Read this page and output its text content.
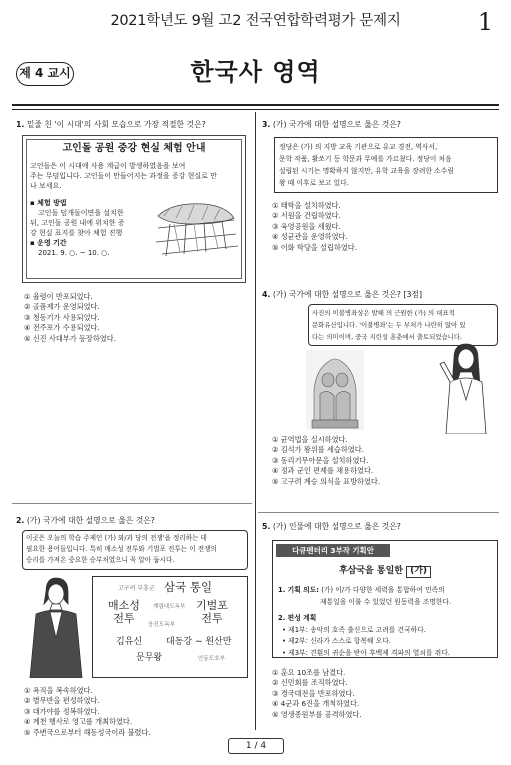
2021학년도 9월 고2 전국연합학력평가 문제지	1
제 4 교시	한국사 영역
1. 밑줄 친 '이 시대'의 사회 모습으로 가장 적절한 것은?
고인돌 공원 중강 현실 체험 안내
고인돌은 이 시대에 사용 계급이 발생하였음을 보여
주는 무덤입니다. 고인돌이 만들어지는 과정을 증강 현실로 만
나 보세요.
▪ 체험 방법
고인돌 덮개돌이면을 설치한
뒤, 고인돌 공원 내에 위치한 증
강 현실 표지를 찾아 체험 진행
▪ 운영 기간
2021. 9. ○. ~ 10. ○.
① 율령이 반포되었다.
② 골품제가 운영되었다.
③ 청동기가 사용되었다.
④ 전주포가 수용되었다.
⑤ 신진 사대부가 등장하였다.
2. (가) 국가에 대한 설명으로 옳은 것은?
이곳은 오늘의 학습 주제인 (가) 와/과 당의 전쟁'을 정리하는 데
필요한 용어들입니다. 특히 매소성 전투와 기벌포 전투는 이 전쟁의
승리를 가져온 중요한 승부처였으니 꼭 알아 둡시다.
고구려 부흥군 삼국 통일
매소성
전투
계림대도독부 기벌포
전투
웅진도독부
김유신	대동강 ~ 원산만
문무왕	안동도호부
① 욕직을 복속하였다.
② 별무반을 편성하였다.
③ 대가야를 정복하였다.
④ 계천 행사로 영고를 개최하였다.
⑤ 주변국으로부터 해동성국이라 불렸다.
3. (가) 국가에 대한 설명으로 옳은 것은?
정당은 (가) 의 지방 교육 기관으로 유교 경전, 역사서,
문학 작품, 활쏘기 등 학문과 무예를 가르쳤다. 정당이 처음
설립된 시기는 명확하지 않지만, 유학 교육을 장려한 소수림
왕 때 이후로 보고 있다.
① 태학을 설치하였다.
② 서원을 건립하였다.
③ 육영공원을 세웠다.
④ 성균관을 운영하였다.
⑤ 이화 학당을 설립하였다.
4. (가) 국가에 대한 설명으로 옳은 것은? [3점]
사진의 이불병좌상은 발해 의 근원한 (가) 의 대표적
문화유산입니다. '이불병좌'는 두 부처가 나란히 앉아 있
다는 의미이며, 중국 지린성 훈춘에서 출토되었습니다.
① 균역법을 실시하였다.
② 김석가 왕위를 세습하였다.
③ 동리기무아문을 설치하였다.
④ 정과 군인 편제를 채용하였다.
⑤ 고구려 계승 의식을 표방하였다.
5. (가) 인물에 대한 설명으로 옳은 것은?
다큐멘터리 3부작 기획안
후삼국을 통일한 (가)
1. 기획 의도: (가) 이/가 다양한 세력을 통합하여 민족의
재통일을 이룰 수 있었던 원동력을 조명한다.
2. 편성 계획
• 제1부: 송악의 호족 출신으로 고려를 건국하다.
• 제2부: 신라가 스스로 항복해 오다.
• 제3부: 견훤의 귀순을 받아 후백제 격파의 열쇠를 쥐다.
① 훈요 10조를 남겼다.
② 신민회를 조직하였다.
③ 경국대전을 반포하였다.
④ 4군과 6진을 개척하였다.
⑤ 영생종원부를 공격하였다.
1 / 4
